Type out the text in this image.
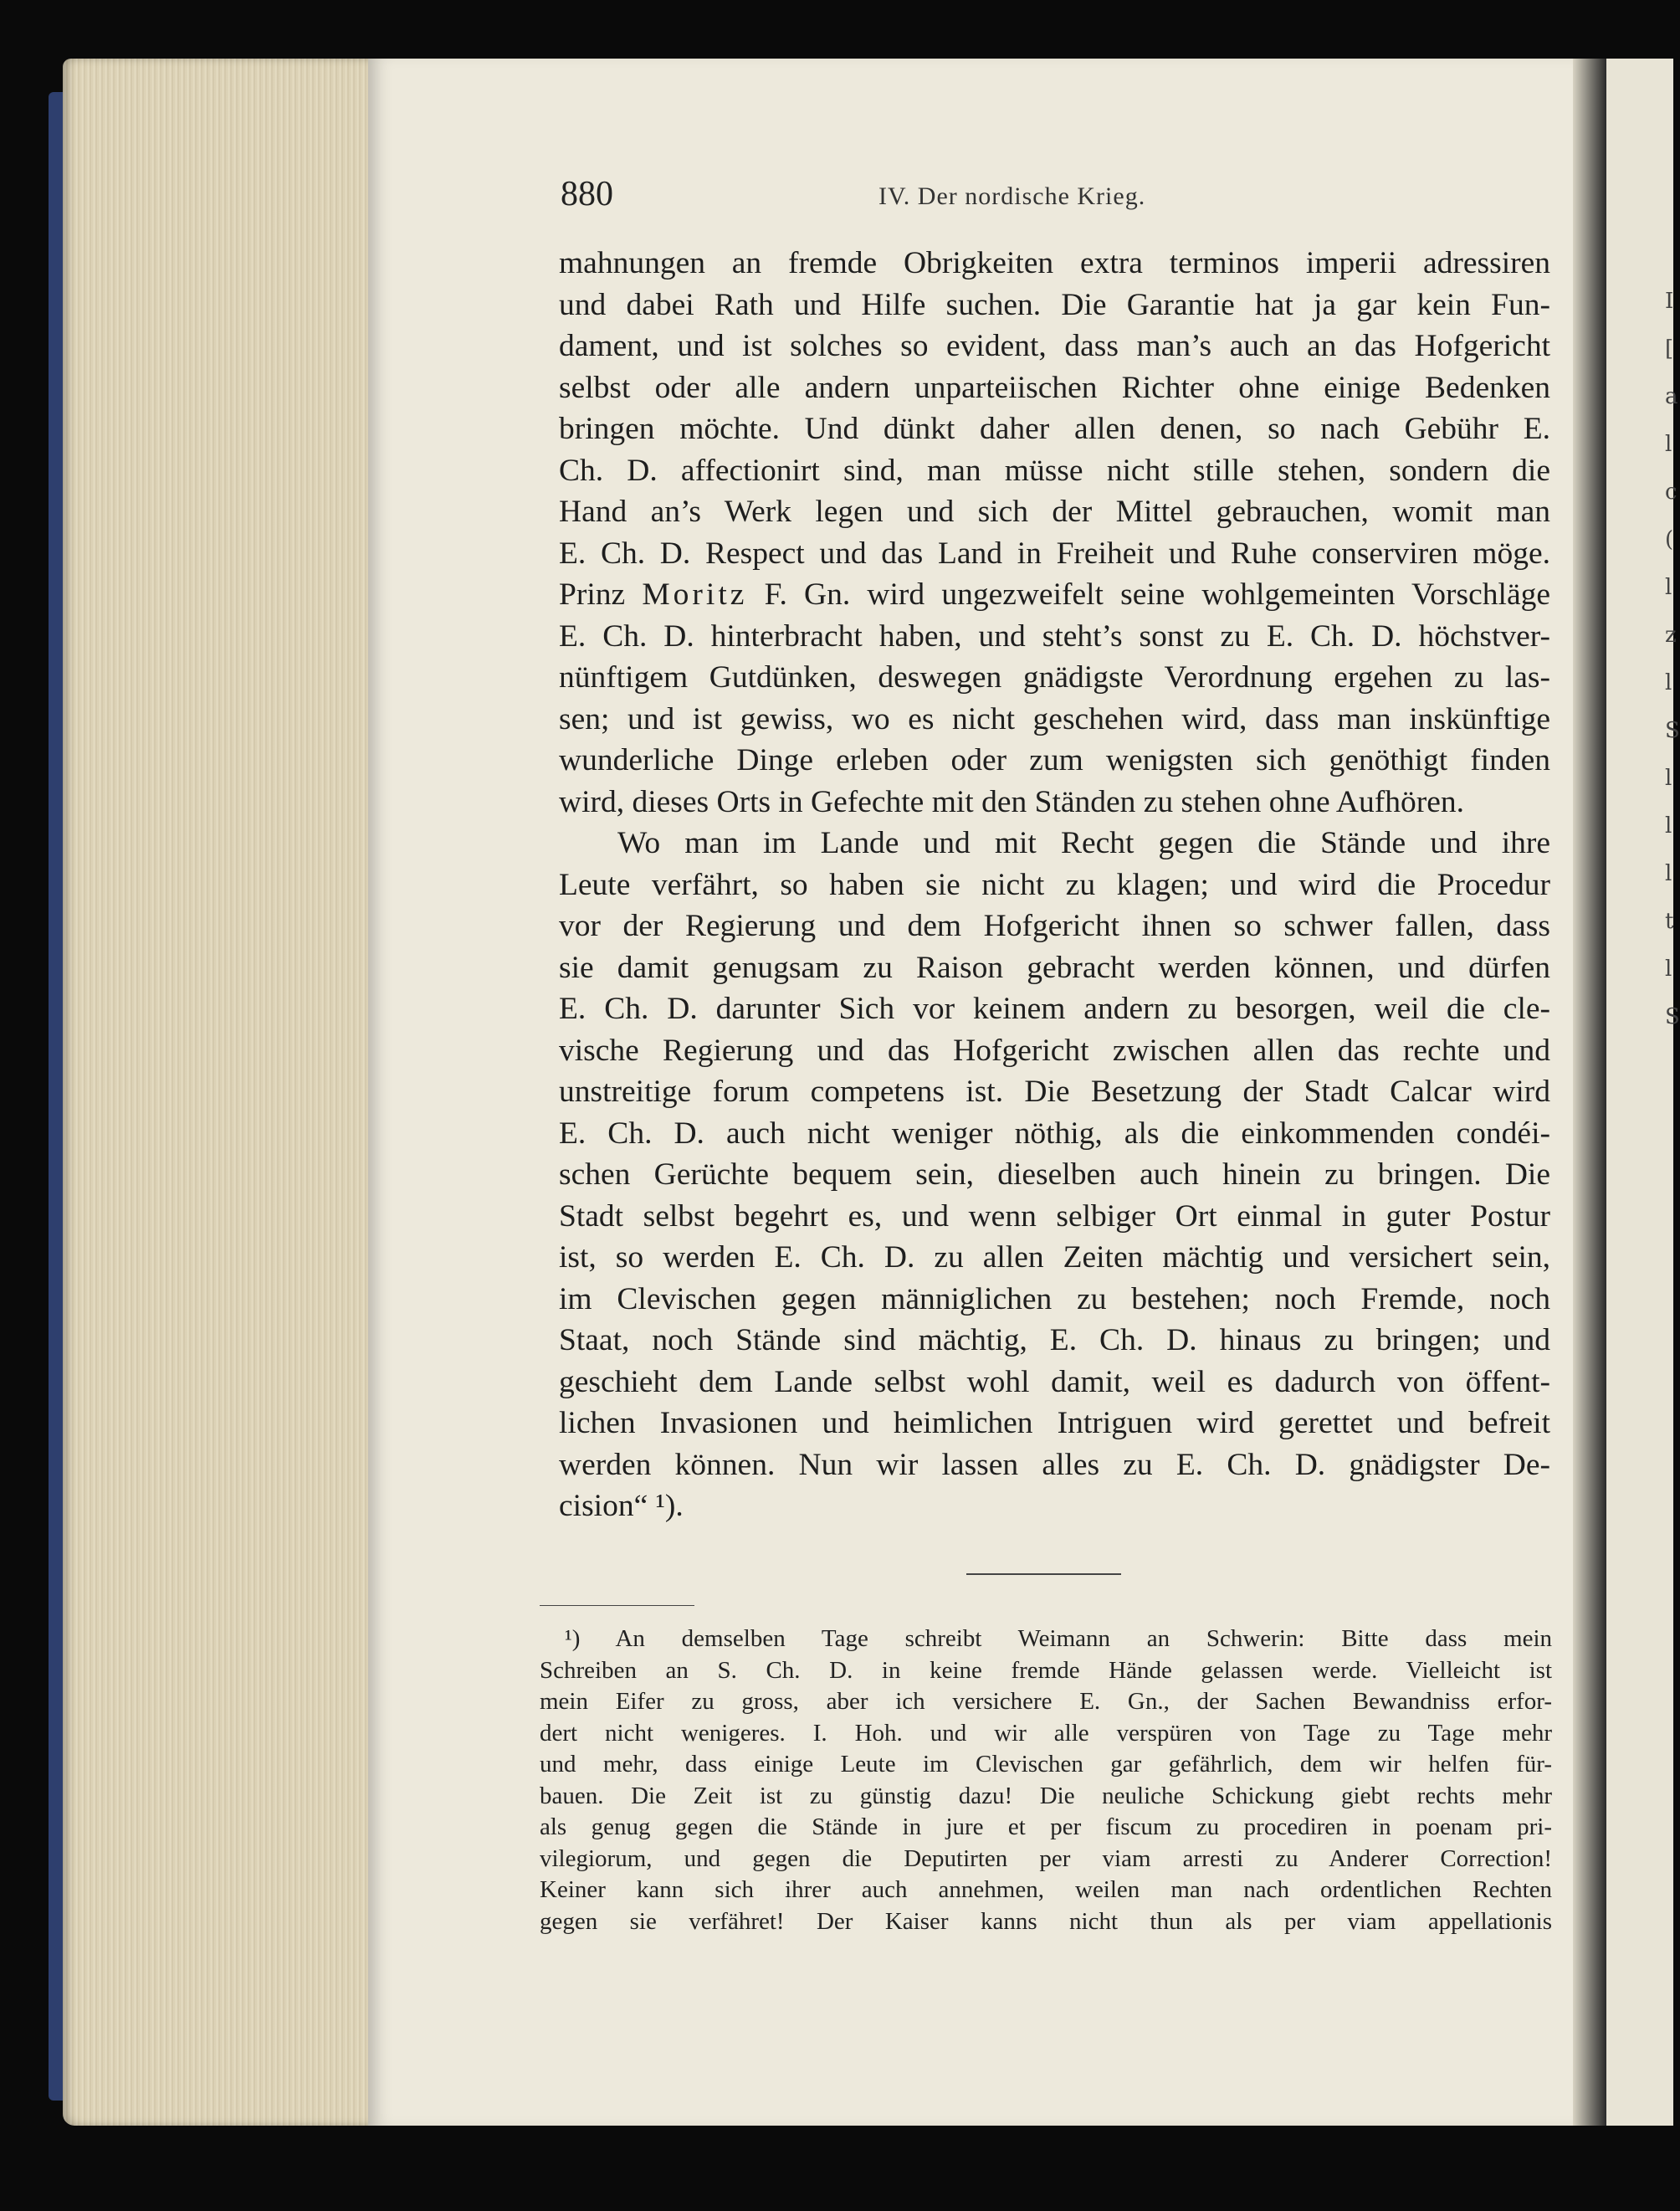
I
[
a
l
c
(
l
z
l
S
l
l
l
t
l
S
880	IV. Der nordische Krieg.
mahnungen an fremde Obrigkeiten extra terminos imperii adressiren
und dabei Rath und Hilfe suchen. Die Garantie hat ja gar kein Fun-
dament, und ist solches so evident, dass man’s auch an das Hofgericht
selbst oder alle andern unparteiischen Richter ohne einige Bedenken
bringen möchte. Und dünkt daher allen denen, so nach Gebühr E.
Ch. D. affectionirt sind, man müsse nicht stille stehen, sondern die
Hand an’s Werk legen und sich der Mittel gebrauchen, womit man
E. Ch. D. Respect und das Land in Freiheit und Ruhe conserviren möge.
Prinz Moritz F. Gn. wird ungezweifelt seine wohlgemeinten Vorschläge
E. Ch. D. hinterbracht haben, und steht’s sonst zu E. Ch. D. höchstver-
nünftigem Gutdünken, deswegen gnädigste Verordnung ergehen zu las-
sen; und ist gewiss, wo es nicht geschehen wird, dass man inskünftige
wunderliche Dinge erleben oder zum wenigsten sich genöthigt finden
wird, dieses Orts in Gefechte mit den Ständen zu stehen ohne Aufhören.
Wo man im Lande und mit Recht gegen die Stände und ihre
Leute verfährt, so haben sie nicht zu klagen; und wird die Procedur
vor der Regierung und dem Hofgericht ihnen so schwer fallen, dass
sie damit genugsam zu Raison gebracht werden können, und dürfen
E. Ch. D. darunter Sich vor keinem andern zu besorgen, weil die cle-
vische Regierung und das Hofgericht zwischen allen das rechte und
unstreitige forum competens ist. Die Besetzung der Stadt Calcar wird
E. Ch. D. auch nicht weniger nöthig, als die einkommenden condéi-
schen Gerüchte bequem sein, dieselben auch hinein zu bringen. Die
Stadt selbst begehrt es, und wenn selbiger Ort einmal in guter Postur
ist, so werden E. Ch. D. zu allen Zeiten mächtig und versichert sein,
im Clevischen gegen männiglichen zu bestehen; noch Fremde, noch
Staat, noch Stände sind mächtig, E. Ch. D. hinaus zu bringen; und
geschieht dem Lande selbst wohl damit, weil es dadurch von öffent-
lichen Invasionen und heimlichen Intriguen wird gerettet und befreit
werden können. Nun wir lassen alles zu E. Ch. D. gnädigster De-
cision“ ¹).
¹) An demselben Tage schreibt Weimann an Schwerin: Bitte dass mein
Schreiben an S. Ch. D. in keine fremde Hände gelassen werde. Vielleicht ist
mein Eifer zu gross, aber ich versichere E. Gn., der Sachen Bewandniss erfor-
dert nicht wenigeres. I. Hoh. und wir alle verspüren von Tage zu Tage mehr
und mehr, dass einige Leute im Clevischen gar gefährlich, dem wir helfen für-
bauen. Die Zeit ist zu günstig dazu! Die neuliche Schickung giebt rechts mehr
als genug gegen die Stände in jure et per fiscum zu procediren in poenam pri-
vilegiorum, und gegen die Deputirten per viam arresti zu Anderer Correction!
Keiner kann sich ihrer auch annehmen, weilen man nach ordentlichen Rechten
gegen sie verfähret! Der Kaiser kanns nicht thun als per viam appellationis
